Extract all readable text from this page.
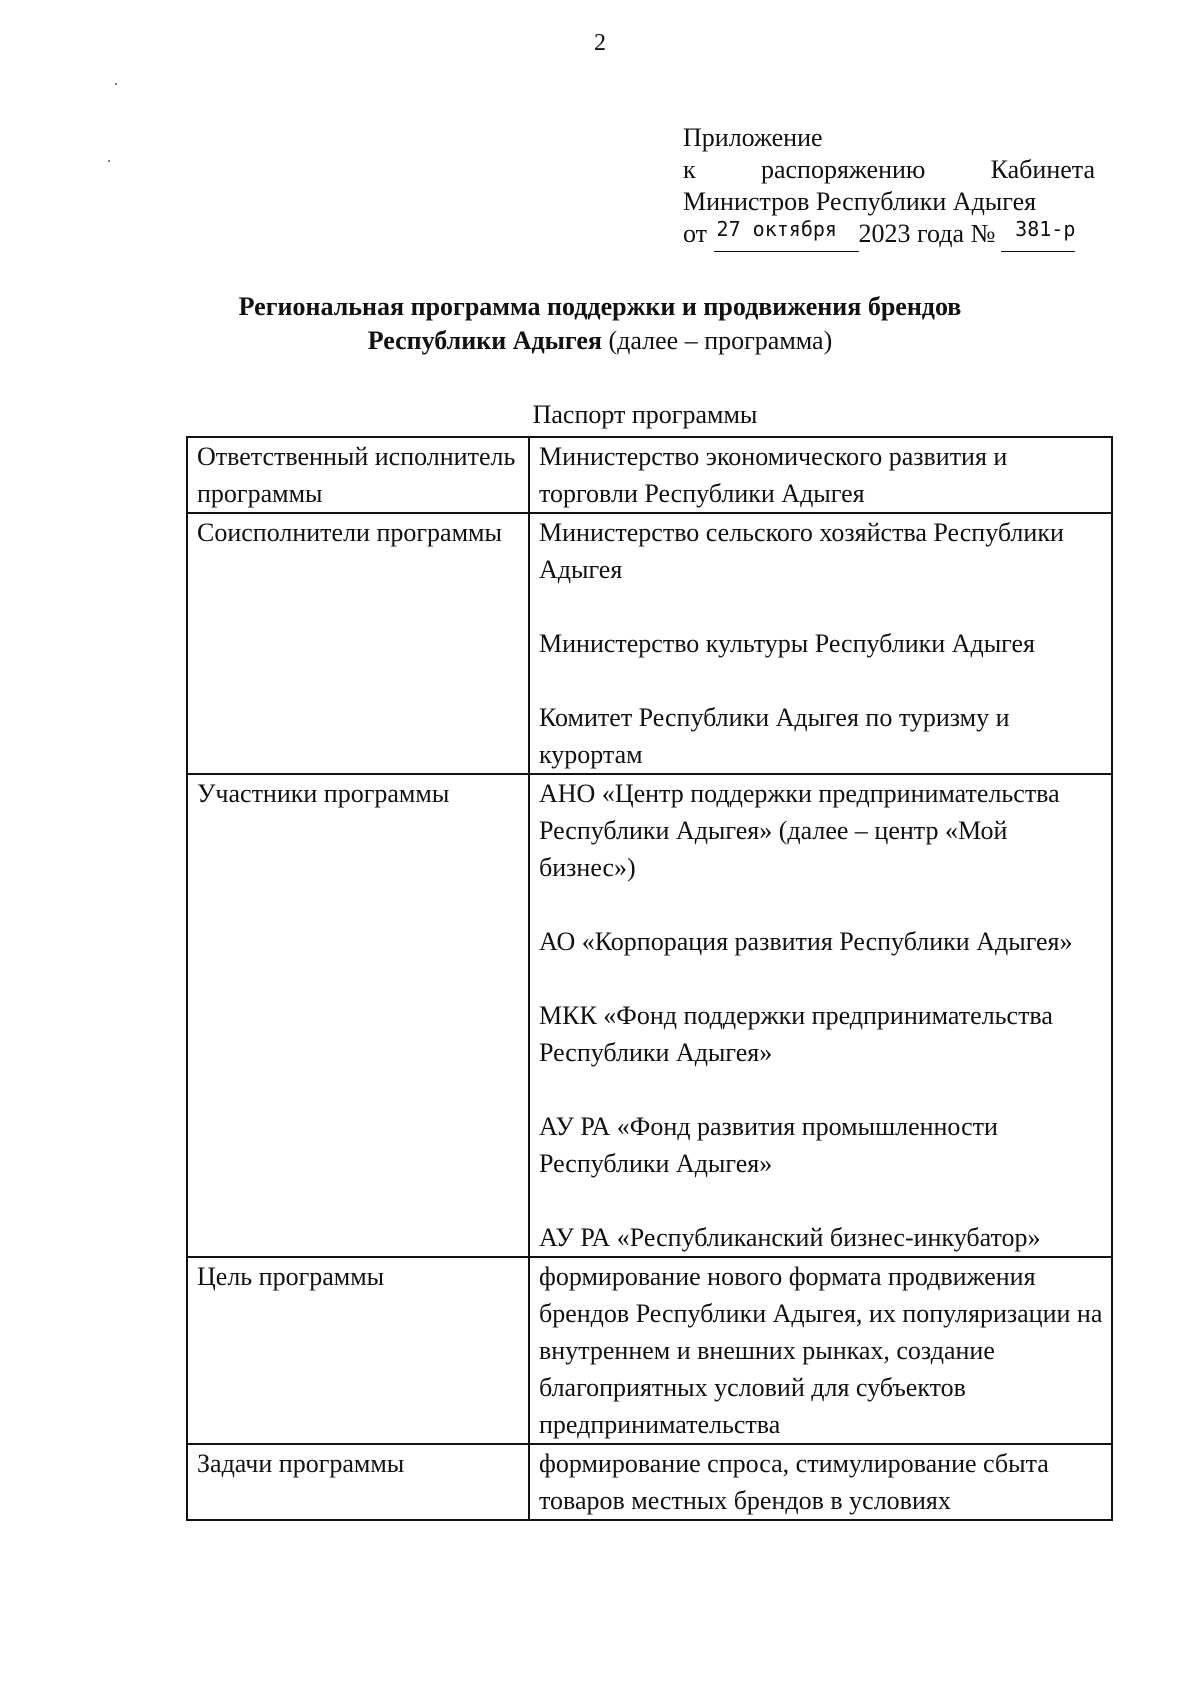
2
Приложение
к	распоряжению	Кабинета
Министров Республики Адыгея
от 27 октября 2023 года № 381-р
Региональная программа поддержки и продвижения брендов
Республики Адыгея (далее – программа)
Паспорт программы
Ответственный исполнитель программы	Министерство экономического развития и торговли Республики Адыгея

Соисполнители программы	Министерство сельского хозяйства Республики Адыгея
Министерство культуры Республики Адыгея
Комитет Республики Адыгея по туризму и курортам

Участники программы	АНО «Центр поддержки предпринимательства Республики Адыгея» (далее – центр «Мой бизнес»)
АО «Корпорация развития Республики Адыгея»
МКК «Фонд поддержки предпринимательства Республики Адыгея»
АУ РА «Фонд развития промышленности Республики Адыгея»
АУ РА «Республиканский бизнес-инкубатор»

Цель программы	формирование нового формата продвижения брендов Республики Адыгея, их популяризации на внутреннем и внешних рынках, создание благоприятных условий для субъектов предпринимательства

Задачи программы	формирование спроса, стимулирование сбыта товаров местных брендов в условиях
